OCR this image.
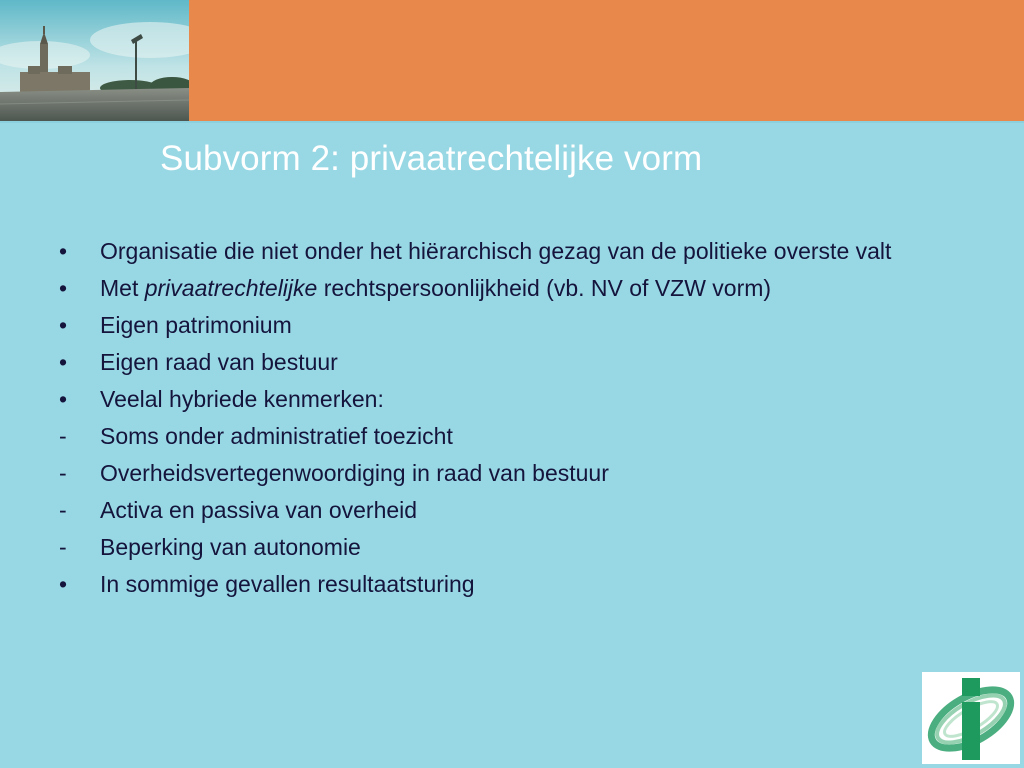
Subvorm 2: privaatrechtelijke vorm
•	Organisatie die niet onder het hiërarchisch gezag van de politieke overste valt
•	Met privaatrechtelijke rechtspersoonlijkheid (vb. NV of VZW vorm)
•	Eigen patrimonium
•	Eigen raad van bestuur
•	Veelal hybriede kenmerken:
-	Soms onder administratief toezicht
-	Overheidsvertegenwoordiging in raad van bestuur
-	Activa en passiva van overheid
-	Beperking van autonomie
•	In sommige gevallen resultaatsturing
